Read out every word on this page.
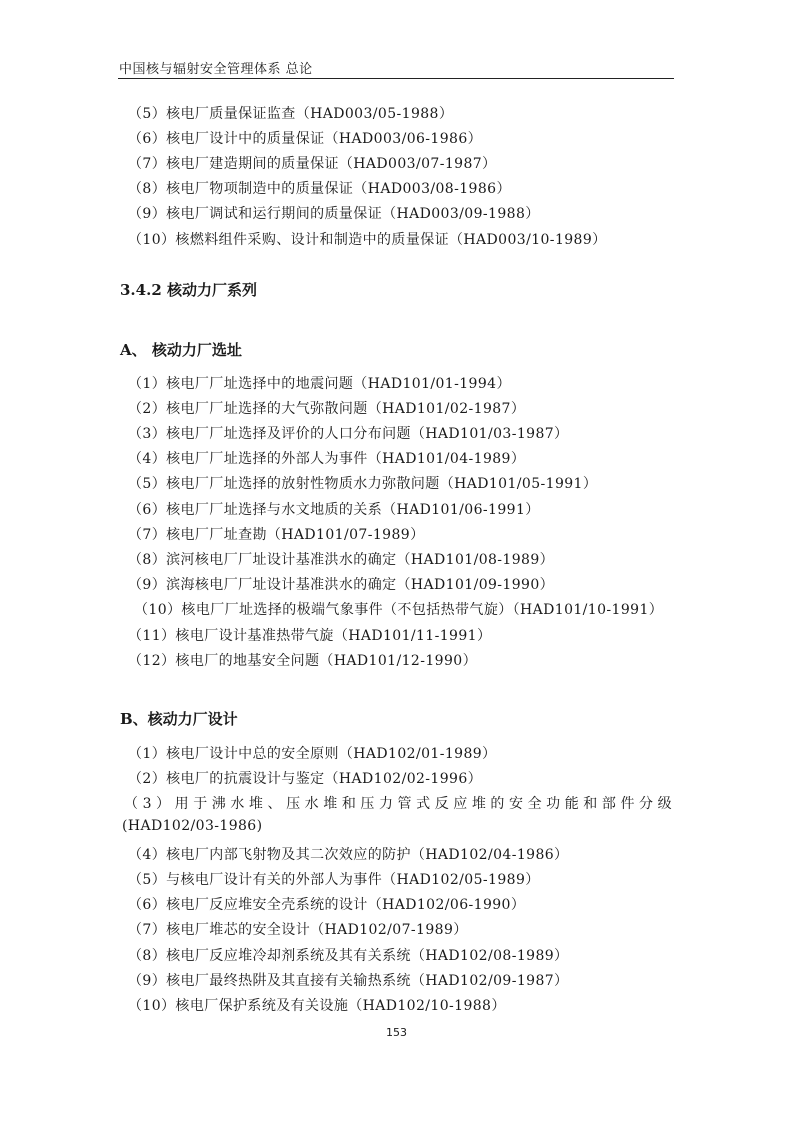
中国核与辐射安全管理体系 总论
（5）核电厂质量保证监查（HAD003/05-1988）
（6）核电厂设计中的质量保证（HAD003/06-1986）
（7）核电厂建造期间的质量保证（HAD003/07-1987）
（8）核电厂物项制造中的质量保证（HAD003/08-1986）
（9）核电厂调试和运行期间的质量保证（HAD003/09-1988）
（10）核燃料组件采购、设计和制造中的质量保证（HAD003/10-1989）
3.4.2 核动力厂系列
A、 核动力厂选址
（1）核电厂厂址选择中的地震问题（HAD101/01-1994）
（2）核电厂厂址选择的大气弥散问题（HAD101/02-1987）
（3）核电厂厂址选择及评价的人口分布问题（HAD101/03-1987）
（4）核电厂厂址选择的外部人为事件（HAD101/04-1989）
（5）核电厂厂址选择的放射性物质水力弥散问题（HAD101/05-1991）
（6）核电厂厂址选择与水文地质的关系（HAD101/06-1991）
（7）核电厂厂址查勘（HAD101/07-1989）
（8）滨河核电厂厂址设计基准洪水的确定（HAD101/08-1989）
（9）滨海核电厂厂址设计基准洪水的确定（HAD101/09-1990）
（10）核电厂厂址选择的极端气象事件（不包括热带气旋）（HAD101/10-1991）
（11）核电厂设计基准热带气旋（HAD101/11-1991）
（12）核电厂的地基安全问题（HAD101/12-1990）
B、核动力厂设计
（1）核电厂设计中总的安全原则（HAD102/01-1989）
（2）核电厂的抗震设计与鉴定（HAD102/02-1996）
（3）用于沸水堆、压水堆和压力管式反应堆的安全功能和部件分级
(HAD102/03-1986)
（4）核电厂内部飞射物及其二次效应的防护（HAD102/04-1986）
（5）与核电厂设计有关的外部人为事件（HAD102/05-1989）
（6）核电厂反应堆安全壳系统的设计（HAD102/06-1990）
（7）核电厂堆芯的安全设计（HAD102/07-1989）
（8）核电厂反应堆冷却剂系统及其有关系统（HAD102/08-1989）
（9）核电厂最终热阱及其直接有关输热系统（HAD102/09-1987）
（10）核电厂保护系统及有关设施（HAD102/10-1988）
153
